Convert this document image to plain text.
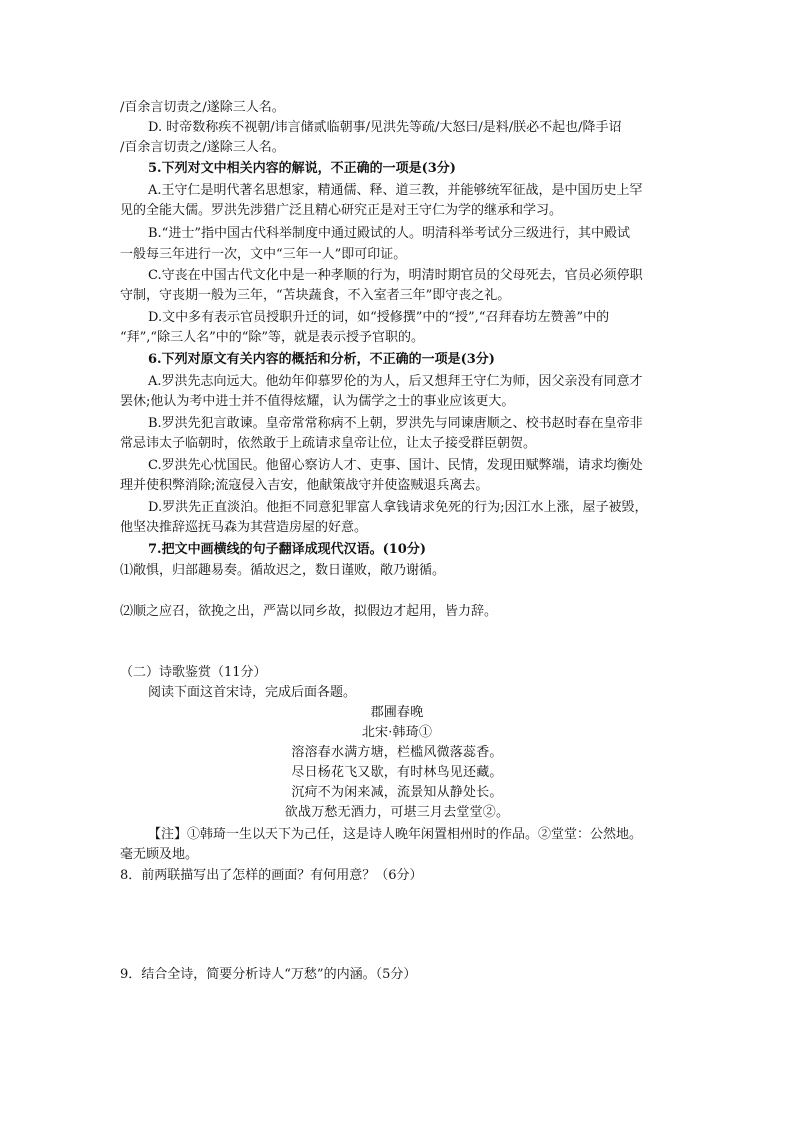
/百余言切责之/遂除三人名。
D. 时帝数称疾不视朝/讳言储贰临朝事/见洪先等疏/大怒曰/是料/朕必不起也/降手诏
/百余言切责之/遂除三人名。
5.下列对文中相关内容的解说，不正确的一项是(3分)
A.王守仁是明代著名思想家，精通儒、释、道三教，并能够统军征战，是中国历史上罕
见的全能大儒。罗洪先涉猎广泛且精心研究正是对王守仁为学的继承和学习。
B.“进士”指中国古代科举制度中通过殿试的人。明清科举考试分三级进行，其中殿试
一般每三年进行一次，文中“三年一人”即可印证。
C.守丧在中国古代文化中是一种孝顺的行为，明清时期官员的父母死去，官员必须停职
守制，守丧期一般为三年，“苫块蔬食，不入室者三年”即守丧之礼。
D.文中多有表示官员授职升迁的词，如“授修撰”中的“授”,“召拜春坊左赞善”中的
“拜”,“除三人名”中的“除”等，就是表示授予官职的。
6.下列对原文有关内容的概括和分析，不正确的一项是(3分)
A.罗洪先志向远大。他幼年仰慕罗伦的为人，后又想拜王守仁为师，因父亲没有同意才
罢休;他认为考中进士并不值得炫耀，认为儒学之士的事业应该更大。
B.罗洪先犯言敢谏。皇帝常常称病不上朝，罗洪先与同谏唐顺之、校书赵时春在皇帝非
常忌讳太子临朝时，依然敢于上疏请求皇帝让位，让太子接受群臣朝贺。
C.罗洪先心忧国民。他留心察访人才、吏事、国计、民情，发现田赋弊端，请求均衡处
理并使积弊消除;流寇侵入吉安，他献策战守并使盗贼退兵离去。
D.罗洪先正直淡泊。他拒不同意犯罪富人拿钱请求免死的行为;因江水上涨，屋子被毁，
他坚决推辞巡抚马森为其营造房屋的好意。
7.把文中画横线的句子翻译成现代汉语。(10分)
⑴敞惧，归部趣易奏。循故迟之，数日谨败，敞乃谢循。
⑵顺之应召，欲挽之出，严嵩以同乡故，拟假边才起用，皆力辞。
（二）诗歌鉴赏（11分）
阅读下面这首宋诗，完成后面各题。
郡圃春晚
北宋·韩琦①
溶溶春水满方塘，栏槛风微落蕊香。
尽日杨花飞又歇，有时林鸟见还藏。
沉疴不为闲来减，流景知从静处长。
欲战万愁无酒力，可堪三月去堂堂②。
【注】①韩琦一生以天下为己任，这是诗人晚年闲置相州时的作品。②堂堂：公然地。
毫无顾及地。
8．前两联描写出了怎样的画面？有何用意？（6分）
9．结合全诗，简要分析诗人“万愁”的内涵。（5分）
